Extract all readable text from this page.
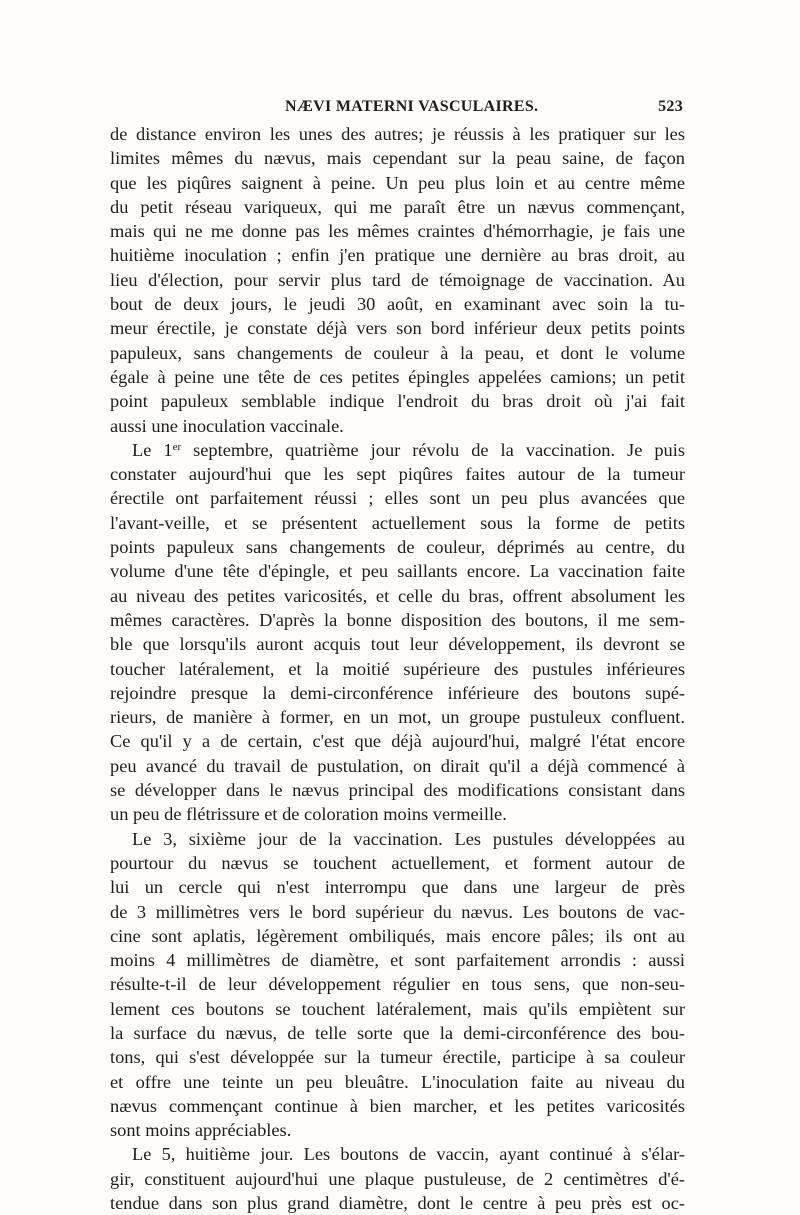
NÆVI MATERNI VASCULAIRES.	523

de distance environ les unes des autres; je réussis à les pratiquer sur les
limites mêmes du nævus, mais cependant sur la peau saine, de façon
que les piqûres saignent à peine. Un peu plus loin et au centre même
du petit réseau variqueux, qui me paraît être un nævus commençant,
mais qui ne me donne pas les mêmes craintes d'hémorrhagie, je fais une
huitième inoculation ; enfin j'en pratique une dernière au bras droit, au
lieu d'élection, pour servir plus tard de témoignage de vaccination. Au
bout de deux jours, le jeudi 30 août, en examinant avec soin la tu-
meur érectile, je constate déjà vers son bord inférieur deux petits points
papuleux, sans changements de couleur à la peau, et dont le volume
égale à peine une tête de ces petites épingles appelées camions; un petit
point papuleux semblable indique l'endroit du bras droit où j'ai fait
aussi une inoculation vaccinale.

Le 1er septembre, quatrième jour révolu de la vaccination. Je puis
constater aujourd'hui que les sept piqûres faites autour de la tumeur
érectile ont parfaitement réussi ; elles sont un peu plus avancées que
l'avant-veille, et se présentent actuellement sous la forme de petits
points papuleux sans changements de couleur, déprimés au centre, du
volume d'une tête d'épingle, et peu saillants encore. La vaccination faite
au niveau des petites varicosités, et celle du bras, offrent absolument les
mêmes caractères. D'après la bonne disposition des boutons, il me sem-
ble que lorsqu'ils auront acquis tout leur développement, ils devront se
toucher latéralement, et la moitié supérieure des pustules inférieures
rejoindre presque la demi-circonférence inférieure des boutons supé-
rieurs, de manière à former, en un mot, un groupe pustuleux confluent.
Ce qu'il y a de certain, c'est que déjà aujourd'hui, malgré l'état encore
peu avancé du travail de pustulation, on dirait qu'il a déjà commencé à
se développer dans le nævus principal des modifications consistant dans
un peu de flétrissure et de coloration moins vermeille.

Le 3, sixième jour de la vaccination. Les pustules développées au
pourtour du nævus se touchent actuellement, et forment autour de
lui un cercle qui n'est interrompu que dans une largeur de près
de 3 millimètres vers le bord supérieur du nævus. Les boutons de vac-
cine sont aplatis, légèrement ombiliqués, mais encore pâles; ils ont au
moins 4 millimètres de diamètre, et sont parfaitement arrondis : aussi
résulte-t-il de leur développement régulier en tous sens, que non-seu-
lement ces boutons se touchent latéralement, mais qu'ils empiètent sur
la surface du nævus, de telle sorte que la demi-circonférence des bou-
tons, qui s'est développée sur la tumeur érectile, participe à sa couleur
et offre une teinte un peu bleuâtre. L'inoculation faite au niveau du
nævus commençant continue à bien marcher, et les petites varicosités
sont moins appréciables.

Le 5, huitième jour. Les boutons de vaccin, ayant continué à s'élar-
gir, constituent aujourd'hui une plaque pustuleuse, de 2 centimètres d'é-
tendue dans son plus grand diamètre, dont le centre à peu près est oc-
